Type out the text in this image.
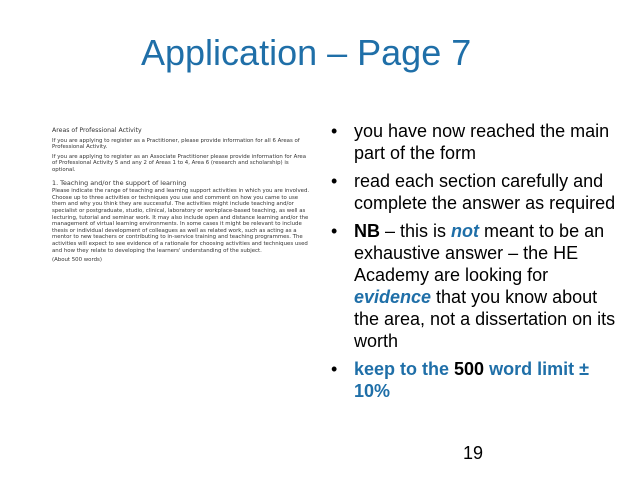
Application – Page 7

Areas of Professional Activity

If you are applying to register as a Practitioner, please provide information for all 6 Areas of Professional Activity.

If you are applying to register as an Associate Practitioner please provide information for Area of Professional Activity 5 and any 2 of Areas 1 to 4, Area 6 (research and scholarship) is optional.

1. Teaching and/or the support of learning

Please indicate the range of teaching and learning support activities in which you are involved. Choose up to three activities or techniques you use and comment on how you came to use them and why you think they are successful. The activities might include teaching and/or specialist or postgraduate, studio, clinical, laboratory or workplace-based teaching, as well as lecturing, tutorial and seminar work. It may also include open and distance learning and/or the management of virtual learning environments. In some cases it might be relevant to include thesis or individual development of colleagues as well as related work, such as acting as a mentor to new teachers or contributing to in-service training and teaching programmes. The activities will expect to see evidence of a rationale for choosing activities and techniques used and how they relate to developing the learners' understanding of the subject.

(About 500 words)

• you have now reached the main part of the form
• read each section carefully and complete the answer as required
• NB – this is not meant to be an exhaustive answer – the HE Academy are looking for evidence that you know about the area, not a dissertation on its worth
• keep to the 500 word limit ± 10%
19
